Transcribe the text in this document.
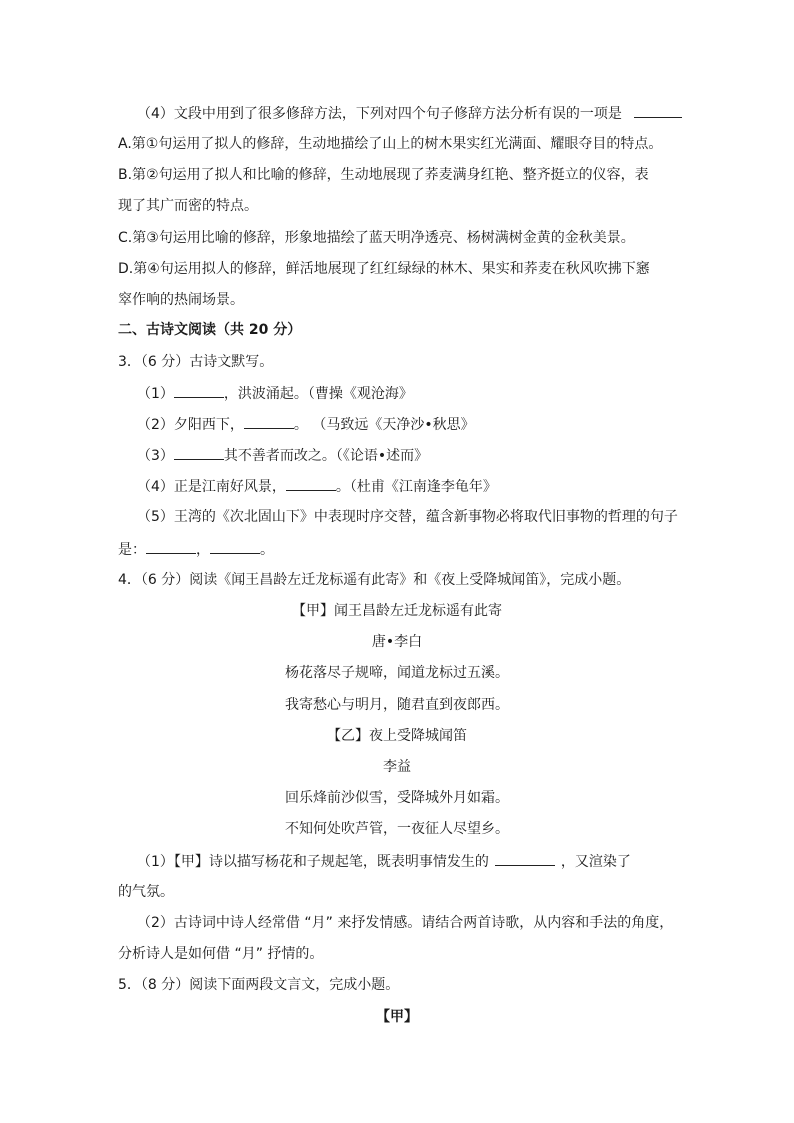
（4）文段中用到了很多修辞方法，下列对四个句子修辞方法分析有误的一项是
A.第①句运用了拟人的修辞，生动地描绘了山上的树木果实红光满面、耀眼夺目的特点。
B.第②句运用了拟人和比喻的修辞，生动地展现了荞麦满身红艳、整齐挺立的仪容，表
现了其广而密的特点。
C.第③句运用比喻的修辞，形象地描绘了蓝天明净透亮、杨树满树金黄的金秋美景。
D.第④句运用拟人的修辞，鲜活地展现了红红绿绿的林木、果实和荞麦在秋风吹拂下窸
窣作响的热闹场景。
二、古诗文阅读（共 20 分）
3．（6 分）古诗文默写。
（1）	，洪波涌起。（曹操《观沧海》
（2）夕阳西下，	。 （马致远《天净沙•秋思》
（3）	其不善者而改之。（《论语•述而》
（4）正是江南好风景，	。（杜甫《江南逢李龟年》
（5）王湾的《次北固山下》中表现时序交替，蕴含新事物必将取代旧事物的哲理的句子
是：	，	。
4．（6 分）阅读《闻王昌龄左迁龙标遥有此寄》和《夜上受降城闻笛》，完成小题。
【甲】闻王昌龄左迁龙标遥有此寄
唐•李白
杨花落尽子规啼，闻道龙标过五溪。
我寄愁心与明月，随君直到夜郎西。
【乙】夜上受降城闻笛
李益
回乐烽前沙似雪，受降城外月如霜。
不知何处吹芦管，一夜征人尽望乡。
（1）【甲】诗以描写杨花和子规起笔，既表明事情发生的	，又渲染了
的气氛。
（2）古诗词中诗人经常借 “月” 来抒发情感。请结合两首诗歌，从内容和手法的角度，
分析诗人是如何借 “月” 抒情的。
5．（8 分）阅读下面两段文言文，完成小题。
【甲】
